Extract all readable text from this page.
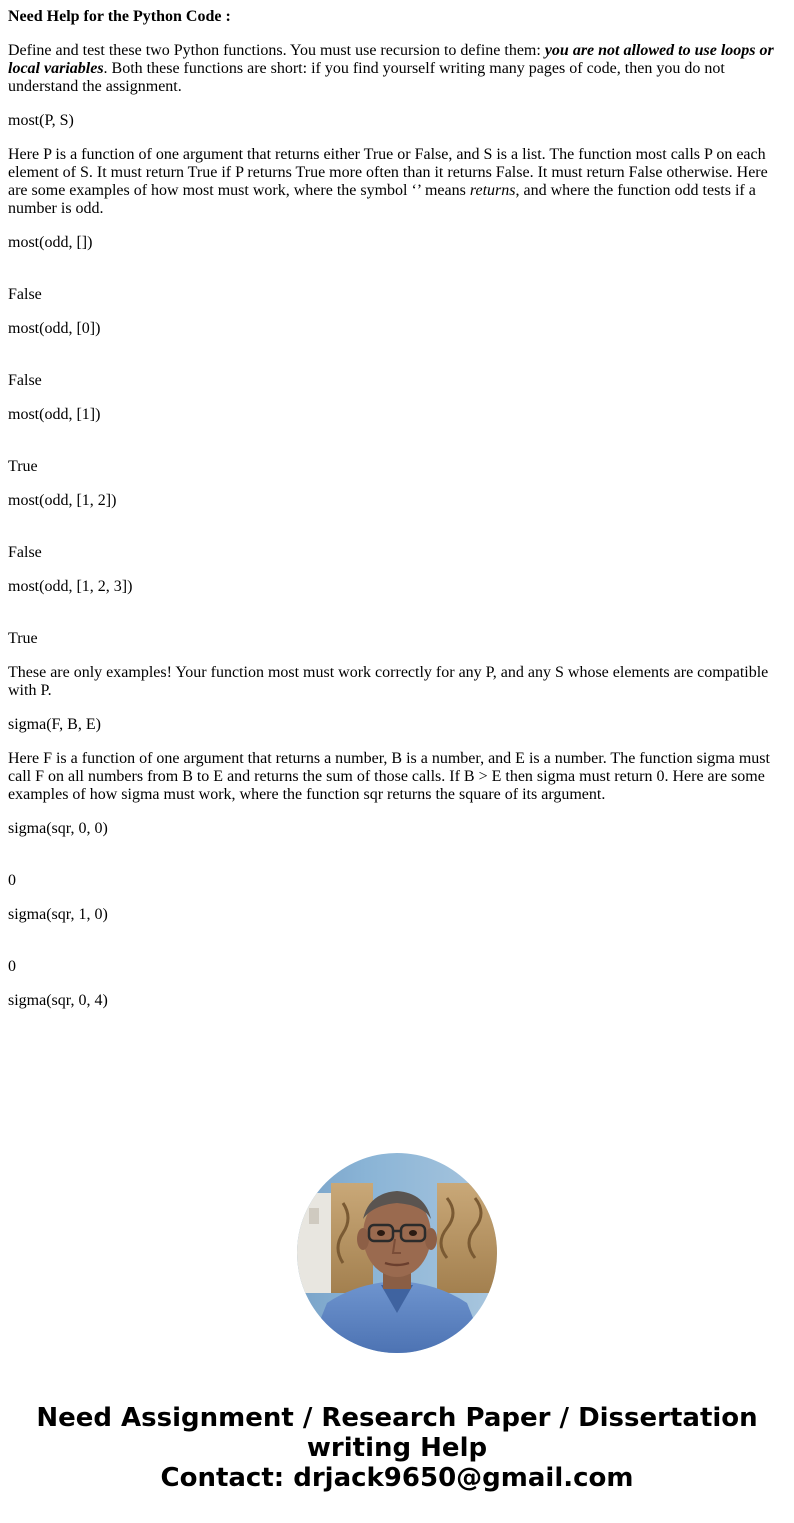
Need Help for the Python Code :

Define and test these two Python functions. You must use recursion to define them: you are not allowed to use loops or local variables. Both these functions are short: if you find yourself writing many pages of code, then you do not understand the assignment.

most(P, S)

Here P is a function of one argument that returns either True or False, and S is a list. The function most calls P on each element of S. It must return True if P returns True more often than it returns False. It must return False otherwise. Here are some examples of how most must work, where the symbol ‘’ means returns, and where the function odd tests if a number is odd.

most(odd, [])

False

most(odd, [0])

False

most(odd, [1])

True

most(odd, [1, 2])

False

most(odd, [1, 2, 3])

True

These are only examples! Your function most must work correctly for any P, and any S whose elements are compatible with P.

sigma(F, B, E)

Here F is a function of one argument that returns a number, B is a number, and E is a number. The function sigma must call F on all numbers from B to E and returns the sum of those calls. If B > E then sigma must return 0. Here are some examples of how sigma must work, where the function sqr returns the square of its argument.

sigma(sqr, 0, 0)

0

sigma(sqr, 1, 0)

0

sigma(sqr, 0, 4)

Need Assignment / Research Paper / Dissertation
writing Help
Contact: drjack9650@gmail.com
